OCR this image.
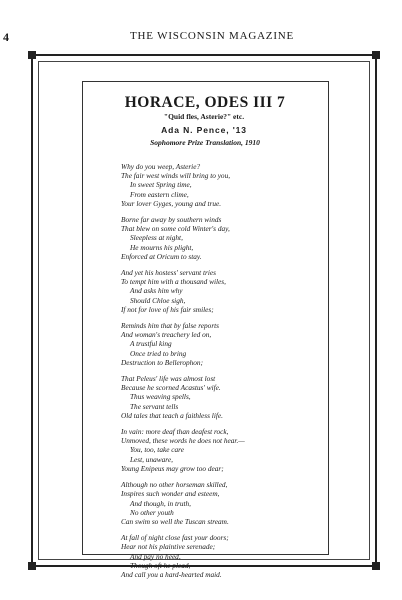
4	THE WISCONSIN MAGAZINE
HORACE, ODES III 7
"Quid fles, Asterie?" etc.
Ada N. Pence, '13
Sophomore Prize Translation, 1910
Why do you weep, Asterie?
The fair west winds will bring to you,
In sweet Spring time,
From eastern clime,
Your lover Gyges, young and true.
Borne far away by southern winds
That blew on some cold Winter's day,
Sleepless at night,
He mourns his plight,
Enforced at Oricum to stay.
And yet his hostess' servant tries
To tempt him with a thousand wiles,
And asks him why
Should Chloe sigh,
If not for love of his fair smiles;
Reminds him that by false reports
And woman's treachery led on,
A trustful king
Once tried to bring
Destruction to Bellerophon;
That Peleus' life was almost lost
Because he scorned Acastus' wife.
Thus weaving spells,
The servant tells
Old tales that teach a faithless life.
In vain: more deaf than deafest rock,
Unmoved, these words he does not hear.—
You, too, take care
Lest, unaware,
Young Enipeus may grow too dear;
Although no other horseman skilled,
Inspires such wonder and esteem,
And though, in truth,
No other youth
Can swim so well the Tuscan stream.
At fall of night close fast your doors;
Hear not his plaintive serenade;
And pay no heed,
Though oft he plead,
And call you a hard-hearted maid.
